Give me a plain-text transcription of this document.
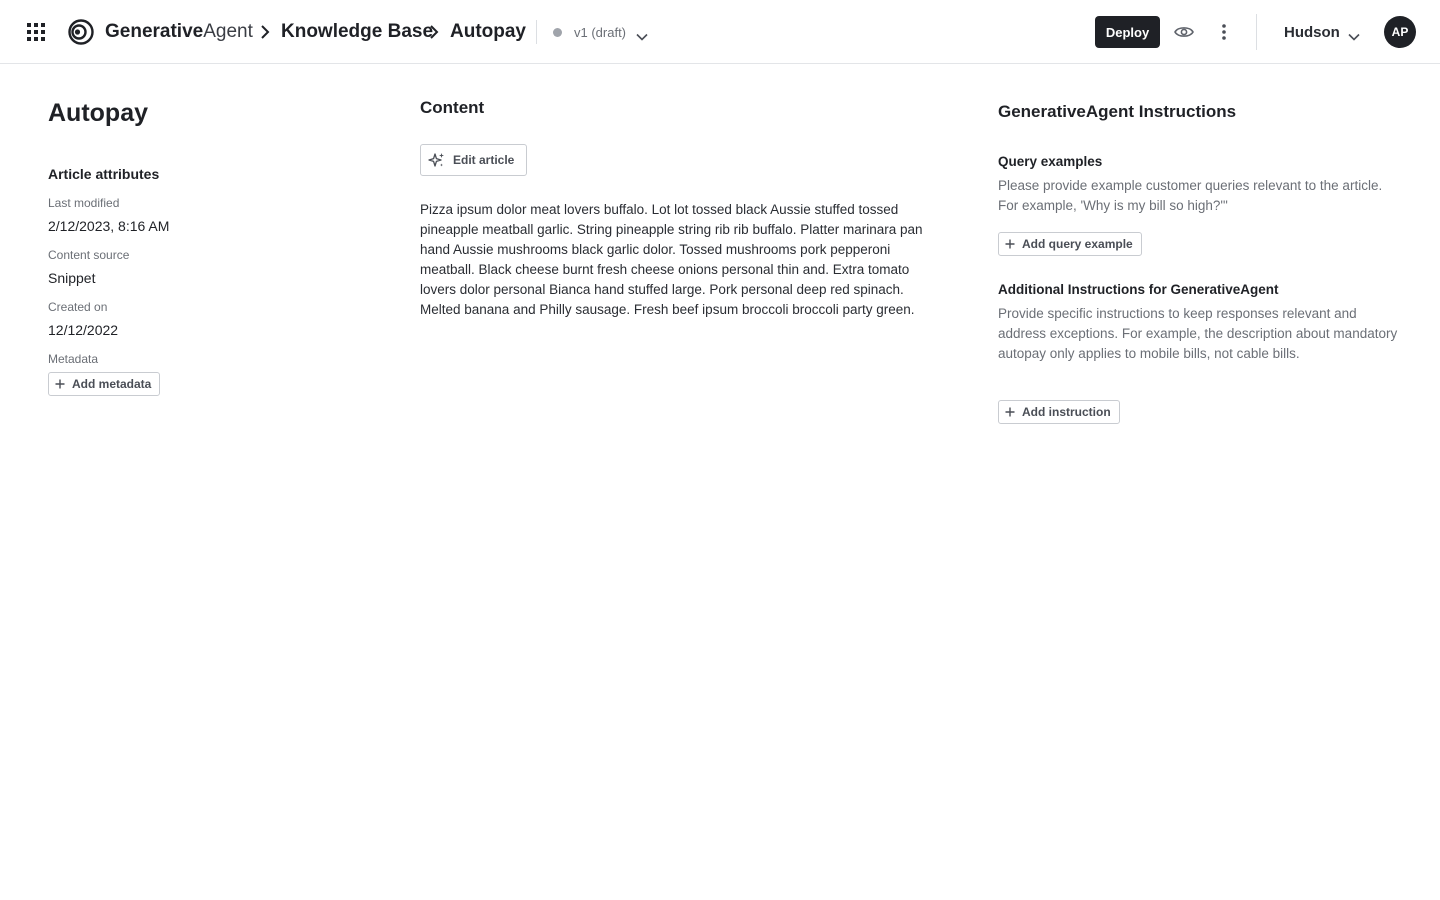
GenerativeAgent Knowledge Base Autopay	v1 (draft)	Deploy	Hudson	AP
Autopay
Article attributes
Last modified
2/12/2023, 8:16 AM
Content source
Snippet
Created on
12/12/2022
Metadata
Add metadata
Content
Edit article

Pizza ipsum dolor meat lovers buffalo. Lot lot tossed black Aussie stuffed tossed pineapple meatball garlic. String pineapple string rib rib buffalo. Platter marinara pan hand Aussie mushrooms black garlic dolor. Tossed mushrooms pork pepperoni meatball. Black cheese burnt fresh cheese onions personal thin and. Extra tomato lovers dolor personal Bianca hand stuffed large. Pork personal deep red spinach. Melted banana and Philly sausage. Fresh beef ipsum broccoli broccoli party green.

GenerativeAgent Instructions
Query examples

Please provide example customer queries relevant to the article. For example, 'Why is my bill so high?'"

Add query example
Additional Instructions for GenerativeAgent

Provide specific instructions to keep responses relevant and address exceptions. For example, the description about mandatory autopay only applies to mobile bills, not cable bills.

Add instruction
